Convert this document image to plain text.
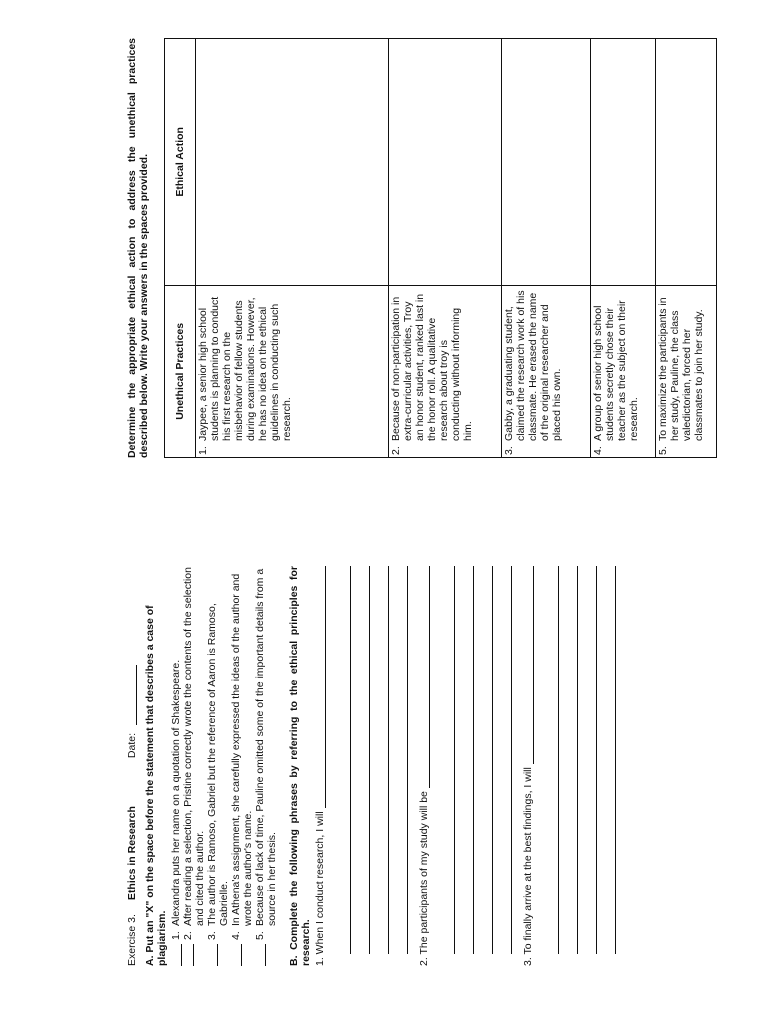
Exercise 3.
Ethics in Research
Date: A. Put an "X" on the space before the statement that describes a case of plagiarism. 1.
Alexandra puts her name on a quotation of Shakespeare.
2.
After reading a selection, Pristine correctly wrote the contents of the selection and cited the author.
3.
The author is Ramoso, Gabriel but the reference of Aaron is Ramoso, Gabrielle.
4.
In Athena's assignment, she carefully expressed the ideas of the author and wrote the author's name.
5.
Because of lack of time, Pauline omitted some of the important details from a source in her thesis. B. Complete the following phrases by referring to the ethical principles for research. 1. When I conduct research, I will	2. The participants of my study will be	3. To finally arrive at the best findings, I will
Determine the appropriate ethical action to address the unethical practices described below. Write your answers in the spaces provided. Unethical Practices	Ethical Action

1.
Jaypee, a senior high school students is planning to conduct his first research on the misbehavior of fellow students during examinations. However, he has no idea on the ethical guidelines in conducting such research.	

2.
Because of non-participation in extra-curricular activities, Troy an honor student, ranked last in the honor roll. A qualitative research about troy is conducting without informing him.	

3.
Gabby, a graduating student, claimed the research work of his classmate. He erased the name of the original researcher and placed his own.	

4.
A group of senior high school students secretly chose their teacher as the subject on their research.	

5.
To maximize the participants in her study, Pauline, the class valedictorian, forced her classmates to join her study.	
